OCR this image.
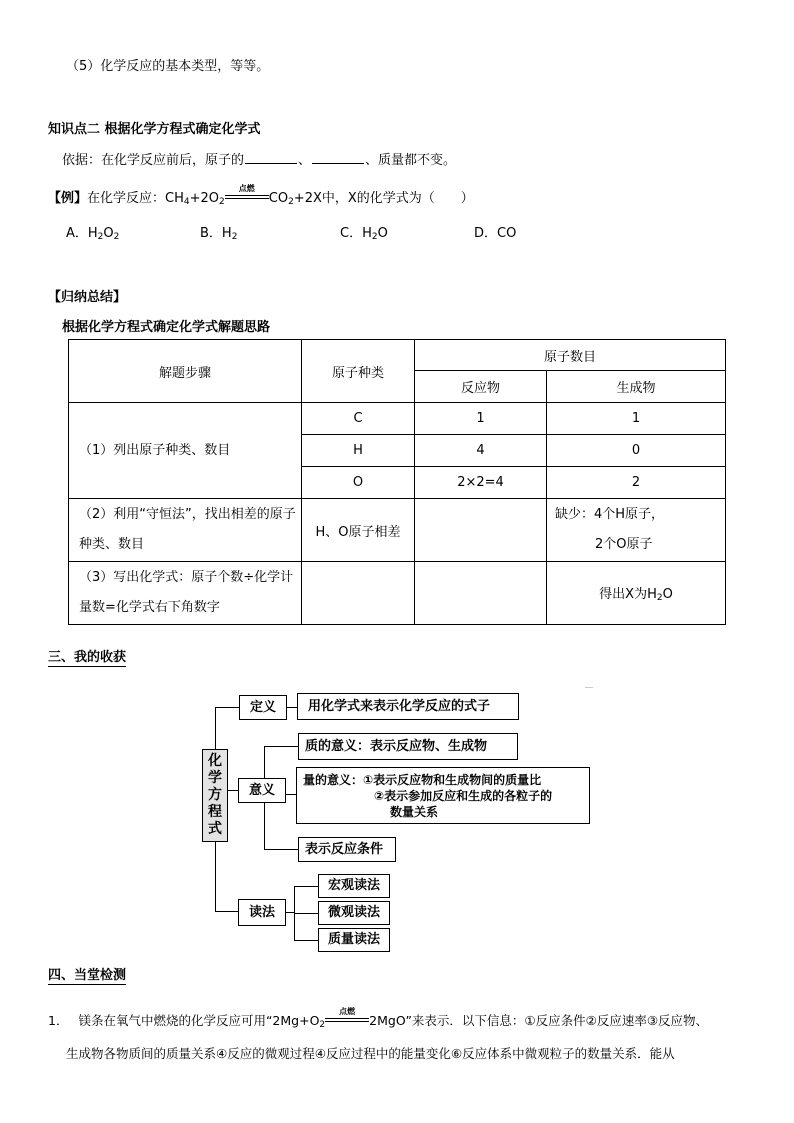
（5）化学反应的基本类型，等等。
知识点二 根据化学方程式确定化学式
依据：在化学反应前后，原子的	、	、质量都不变。
【例】在化学反应：$CH_4+2O_2$
点燃
$CO_2+2X$中，X的化学式为（　　）
A．$H_2O_2$	B．$H_2$	C．$H_2O$	D．CO
【归纳总结】
根据化学方程式确定化学式解题思路
解题步骤	原子种类	原子数目	
		反应物	生成物
（1）列出原子种类、数目	C	1	1
	H	4	0
	O	2×2=4	2
（2）利用“守恒法”，找出相差的原子种类、数目	H、O原子相差		缺少：4个H原子，
2个O原子

（3）写出化学式：原子个数÷化学计量数=化学式右下角数字			得出X为$H_2O$
三、我的收获
化
学
方
程
式
定义	用化学式来表示化学反应的式子
意义
质的意义：表示反应物、生成物
量的意义：①表示反应物和生成物间的质量比
②表示参加反应和生成的各粒子的
数量关系
表示反应条件
读法
宏观读法
微观读法
质量读法
四、当堂检测
1． 镁条在氧气中燃烧的化学反应可用“$2Mg+O_2$
点燃
2MgO”来表示．以下信息：①反应条件②反应速率③反应物、
生成物各物质间的质量关系④反应的微观过程④反应过程中的能量变化⑥反应体系中微观粒子的数量关系．能从
